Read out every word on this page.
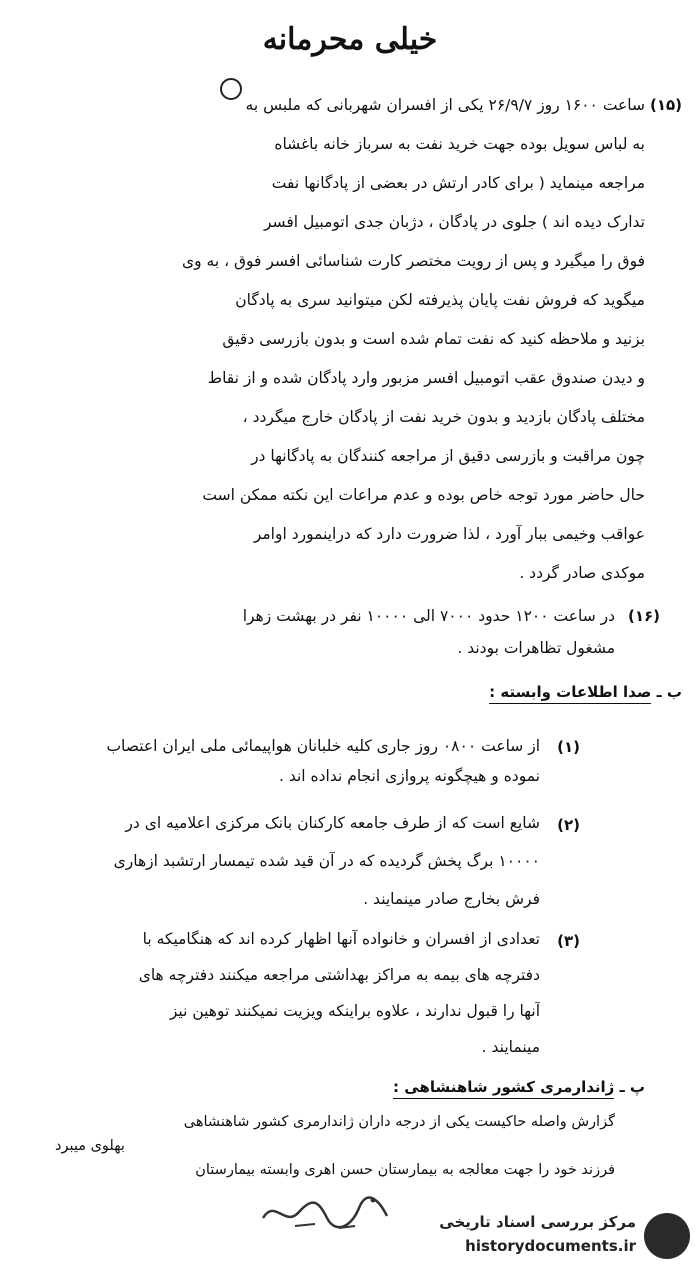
خیلی محرمانه
(۱۵)
ساعت ۱۶۰۰ روز ۲۶/۹/۷ یکی از افسران شهربانی که ملبس به
به لباس سویل بوده جهت خرید نفت به سرباز خانه باغشاه
مراجعه مینماید ( برای کادر ارتش در بعضی از پادگانها نفت
تدارک دیده اند ) جلوی در پادگان ، دژبان جدی اتومبیل افسر
فوق را میگیرد و پس از رویت مختصر کارت شناسائی افسر فوق ، به وی
میگوید که فروش نفت پایان پذیرفته لکن میتوانید سری به پادگان
بزنید و ملاحظه کنید که نفت تمام شده است و بدون بازرسی دقیق
و دیدن صندوق عقب اتومبیل افسر مزبور وارد پادگان شده و از نقاط
مختلف پادگان بازدید و بدون خرید نفت از پادگان خارج میگردد ،
چون مراقبت و بازرسی دقیق از مراجعه کنندگان به پادگانها در
حال حاضر مورد توجه خاص بوده و عدم مراعات این نکته ممکن است
عواقب وخیمی ببار آورد ، لذا ضرورت دارد که دراینمورد اوامر
موکدی صادر گردد .
(۱۶)
در ساعت ۱۲۰۰ حدود ۷۰۰۰ الی ۱۰۰۰۰ نفر در بهشت زهرا
مشغول تظاهرات بودند .
ب ـ صدا اطلاعات وابسته :
(۱)
از ساعت ۰۸۰۰ روز جاری کلیه خلبانان هواپیمائی ملی ایران اعتصاب
نموده و هیچگونه پروازی انجام نداده اند .
(۲)
شایع است که از طرف جامعه کارکنان بانک مرکزی اعلامیه ای در
۱۰۰۰۰ برگ پخش گردیده که در آن قید شده تیمسار ارتشبد ازهاری
فرش بخارج صادر مینمایند .
(۳)
تعدادی از افسران و خانواده آنها اظهار کرده اند که هنگامیکه با
دفترچه های بیمه به مراکز بهداشتی مراجعه میکنند دفترچه های
آنها را قبول ندارند ، علاوه براینکه ویزیت نمیکنند توهین نیز
مینمایند .
پ ـ ژاندارمری کشور شاهنشاهی :
گزارش واصله حاکیست یکی از درجه داران ژاندارمری کشور شاهنشاهی
بهلوی میبرد
فرزند خود را جهت معالجه به بیمارستان حسن اهری وابسته بیمارستان
مرکز بررسی اسناد تاریخی
historydocuments.ir
